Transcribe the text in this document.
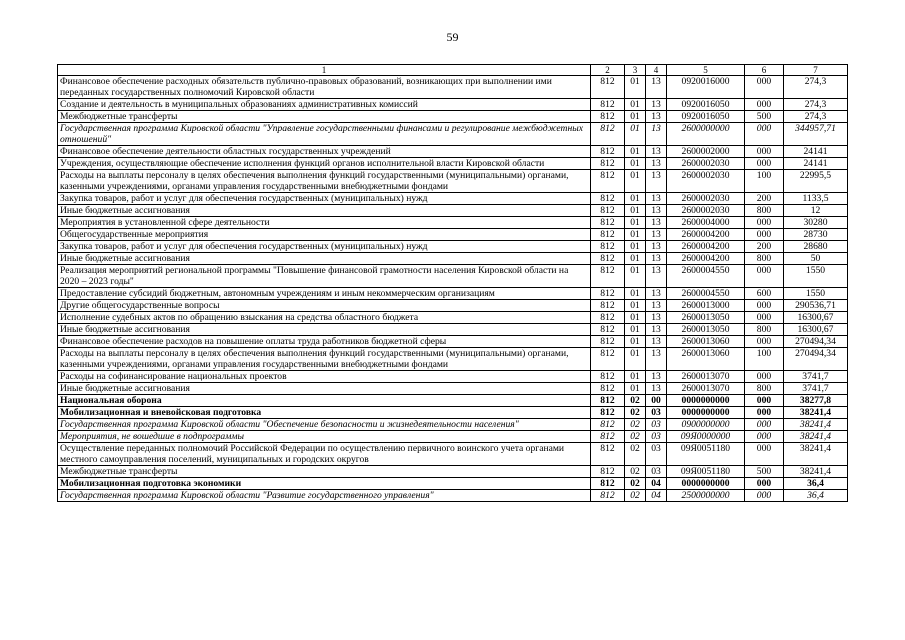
59
1	2	3	4	5	6	7
Финансовое обеспечение расходных обязательств публично-правовых образований, возникающих при выполнении ими переданных государственных полномочий Кировской области	812	01	13	0920016000	000	274,3
Создание и деятельность в муниципальных образованиях административных комиссий	812	01	13	0920016050	000	274,3
Межбюджетные трансферты	812	01	13	0920016050	500	274,3
Государственная программа Кировской области "Управление государственными финансами и регулирование межбюджетных отношений"	812	01	13	2600000000	000	344957,71
Финансовое обеспечение деятельности областных государственных учреждений	812	01	13	2600002000	000	24141
Учреждения, осуществляющие обеспечение исполнения функций органов исполнительной власти Кировской области	812	01	13	2600002030	000	24141
Расходы на выплаты персоналу в целях обеспечения выполнения функций государственными (муниципальными) органами, казенными учреждениями, органами управления государственными внебюджетными фондами	812	01	13	2600002030	100	22995,5
Закупка товаров, работ и услуг для обеспечения государственных (муниципальных) нужд	812	01	13	2600002030	200	1133,5
Иные бюджетные ассигнования	812	01	13	2600002030	800	12
Мероприятия в установленной сфере деятельности	812	01	13	2600004000	000	30280
Общегосударственные мероприятия	812	01	13	2600004200	000	28730
Закупка товаров, работ и услуг для обеспечения государственных (муниципальных) нужд	812	01	13	2600004200	200	28680
Иные бюджетные ассигнования	812	01	13	2600004200	800	50
Реализация мероприятий региональной программы "Повышение финансовой грамотности населения Кировской области на 2020 – 2023 годы"	812	01	13	2600004550	000	1550
Предоставление субсидий бюджетным, автономным учреждениям и иным некоммерческим организациям	812	01	13	2600004550	600	1550
Другие общегосударственные вопросы	812	01	13	2600013000	000	290536,71
Исполнение судебных актов по обращению взыскания на средства областного бюджета	812	01	13	2600013050	000	16300,67
Иные бюджетные ассигнования	812	01	13	2600013050	800	16300,67
Финансовое обеспечение расходов на повышение оплаты труда работников бюджетной сферы	812	01	13	2600013060	000	270494,34
Расходы на выплаты персоналу в целях обеспечения выполнения функций государственными (муниципальными) органами, казенными учреждениями, органами управления государственными внебюджетными фондами	812	01	13	2600013060	100	270494,34
Расходы на софинансирование национальных проектов	812	01	13	2600013070	000	3741,7
Иные бюджетные ассигнования	812	01	13	2600013070	800	3741,7
Национальная оборона	812	02	00	0000000000	000	38277,8
Мобилизационная и вневойсковая подготовка	812	02	03	0000000000	000	38241,4
Государственная программа Кировской области "Обеспечение безопасности и жизнедеятельности населения"	812	02	03	0900000000	000	38241,4
Мероприятия, не вошедшие в подпрограммы	812	02	03	09Я0000000	000	38241,4
Осуществление переданных полномочий Российской Федерации по осуществлению первичного воинского учета органами местного самоуправления поселений, муниципальных и городских округов	812	02	03	09Я0051180	000	38241,4
Межбюджетные трансферты	812	02	03	09Я0051180	500	38241,4
Мобилизационная подготовка экономики	812	02	04	0000000000	000	36,4
Государственная программа Кировской области "Развитие государственного управления"	812	02	04	2500000000	000	36,4
